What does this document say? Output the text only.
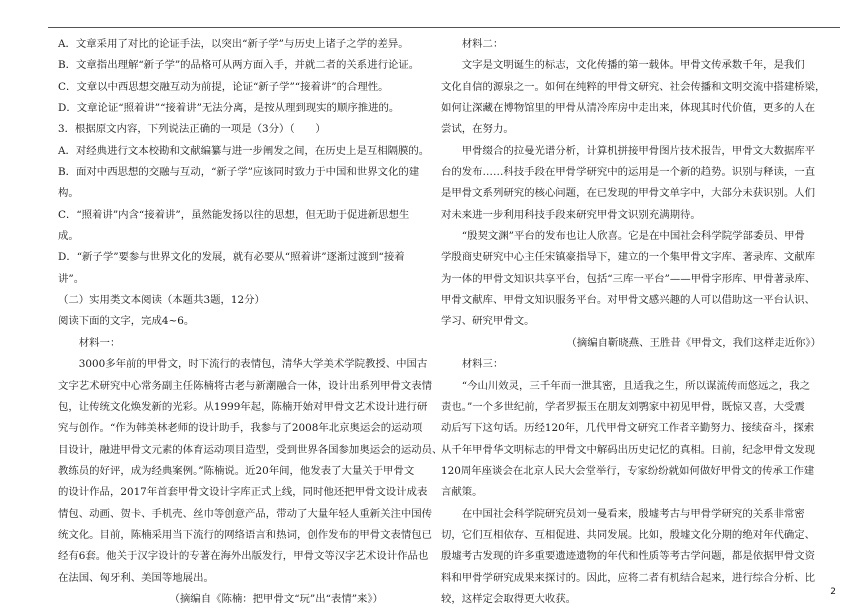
A．文章采用了对比的论证手法，以突出“新子学”与历史上诸子之学的差异。

B．文章指出理解“新子学”的品格可从两方面入手，并就二者的关系进行论证。

C．文章以中西思想交融互动为前提，论证“新子学”“接着讲”的合理性。

D．文章论证“照着讲”“接着讲”无法分离，是按从理到现实的顺序推进的。

3．根据原文内容，下列说法正确的一项是（3分）（　　）

A．对经典进行文本校勘和文献编纂与进一步阐发之间，在历史上是互相隔膜的。

B．面对中西思想的交融与互动，“新子学”应该同时致力于中国和世界文化的建

构。

C．“照着讲”内含“接着讲”，虽然能发扬以往的思想，但无助于促进新思想生

成。

D．“新子学”要参与世界文化的发展，就有必要从“照着讲”逐渐过渡到“接着

讲”。

（二）实用类文本阅读（本题共3题，12分）

阅读下面的文字，完成4~6。

　　材料一：

　　3000多年前的甲骨文，时下流行的表情包，清华大学美术学院教授、中国古

文字艺术研究中心常务副主任陈楠将古老与新潮融合一体，设计出系列甲骨文表情

包，让传统文化焕发新的光彩。从1999年起，陈楠开始对甲骨文艺术设计进行研

究与创作。“作为韩美林老师的设计助手，我参与了2008年北京奥运会的运动项

目设计，融进甲骨文元素的体育运动项目造型，受到世界各国参加奥运会的运动员、

教练员的好评，成为经典案例。”陈楠说。近20年间，他发表了大量关于甲骨文

的设计作品，2017年首套甲骨文设计字库正式上线，同时他还把甲骨文设计成表

情包、动画、贺卡、手机壳、丝巾等创意产品，带动了大量年轻人重新关注中国传

统文化。目前，陈楠采用当下流行的网络语言和热词，创作发布的甲骨文表情包已

经有6套。他关于汉字设计的专著在海外出版发行，甲骨文等汉字艺术设计作品也

在法国、匈牙利、美国等地展出。

（摘编自《陈楠：把甲骨文“玩”出“表情”来》）

　　材料二：

　　文字是文明诞生的标志，文化传播的第一载体。甲骨文传承数千年，是我们

文化自信的源泉之一。如何在纯粹的甲骨文研究、社会传播和文明交流中搭建桥梁，

如何让深藏在博物馆里的甲骨从清冷库房中走出来，体现其时代价值，更多的人在

尝试，在努力。

　　甲骨缀合的拉曼光谱分析，计算机拼接甲骨图片技术报告，甲骨文大数据库平

台的发布……科技手段在甲骨学研究中的运用是一个新的趋势。识别与释读，一直

是甲骨文系列研究的核心问题，在已发现的甲骨文单字中，大部分未获识别。人们

对未来进一步利用科技手段来研究甲骨文识别充满期待。

　　“殷契文渊”平台的发布也让人欣喜。它是在中国社会科学院学部委员、甲骨

学殷商史研究中心主任宋镇豪指导下，建立的一个集甲骨文字库、著录库、文献库

为一体的甲骨文知识共享平台，包括“三库一平台”——甲骨字形库、甲骨著录库、

甲骨文献库、甲骨文知识服务平台。对甲骨文感兴趣的人可以借助这一平台认识、

学习、研究甲骨文。

（摘编自靳晓燕、王胜昔《甲骨文，我们这样走近你》）

　　材料三：

　　“今山川效灵，三千年而一泄其密，且适我之生，所以谋流传而悠远之，我之

责也。”一个多世纪前，学者罗振玉在朋友刘鹗家中初见甲骨，既惊又喜，大受震

动后写下这句话。历经120年，几代甲骨文研究工作者辛勤努力、接续奋斗，探索

从千年甲骨华文明标志的甲骨文中解码出历史记忆的真相。日前，纪念甲骨文发现

120周年座谈会在北京人民大会堂举行，专家纷纷就如何做好甲骨文的传承工作建

言献策。

　　在中国社会科学院研究员刘一曼看来，殷墟考古与甲骨学研究的关系非常密

切，它们互相依存、互相促进、共同发展。比如，殷墟文化分期的绝对年代确定、

殷墟考古发现的许多重要遗迹遗物的年代和性质等考古学问题，都是依据甲骨文资

料和甲骨学研究成果来探讨的。因此，应将二者有机结合起来，进行综合分析、比

较，这样定会取得更大收获。

2
